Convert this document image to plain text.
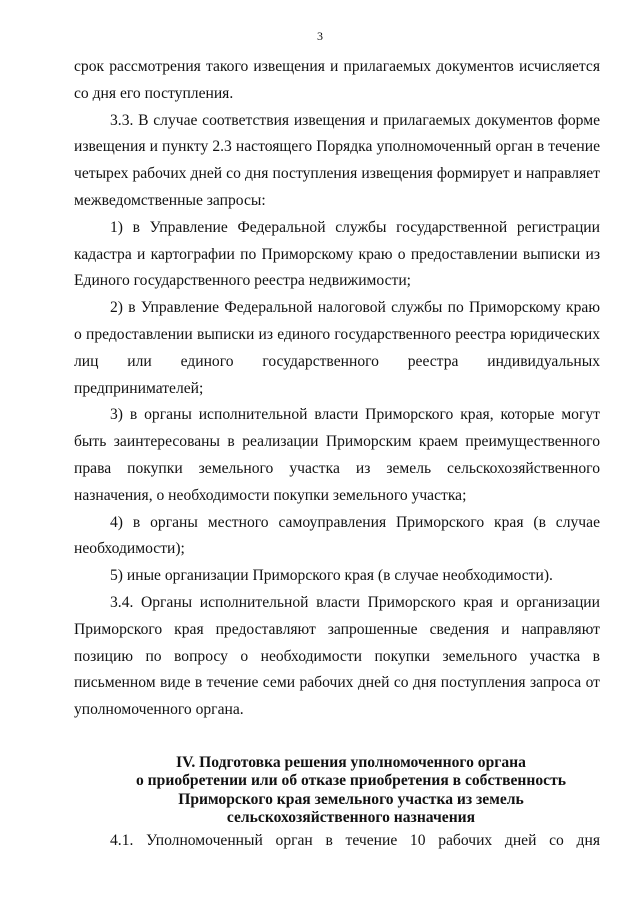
3

срок рассмотрения такого извещения и прилагаемых документов исчисляется со дня его поступления.

3.3. В случае соответствия извещения и прилагаемых документов форме извещения и пункту 2.3 настоящего Порядка уполномоченный орган в течение четырех рабочих дней со дня поступления извещения формирует и направляет межведомственные запросы:

1) в Управление Федеральной службы государственной регистрации кадастра и картографии по Приморскому краю о предоставлении выписки из Единого государственного реестра недвижимости;

2) в Управление Федеральной налоговой службы по Приморскому краю о предоставлении выписки из единого государственного реестра юридических лиц или единого государственного реестра индивидуальных предпринимателей;

3) в органы исполнительной власти Приморского края, которые могут быть заинтересованы в реализации Приморским краем преимущественного права покупки земельного участка из земель сельскохозяйственного назначения, о необходимости покупки земельного участка;

4) в органы местного самоуправления Приморского края (в случае необходимости);

5) иные организации Приморского края (в случае необходимости).

3.4. Органы исполнительной власти Приморского края и организации Приморского края предоставляют запрошенные сведения и направляют позицию по вопросу о необходимости покупки земельного участка в письменном виде в течение семи рабочих дней со дня поступления запроса от уполномоченного органа.

IV. Подготовка решения уполномоченного органа
о приобретении или об отказе приобретения в собственность
Приморского края земельного участка из земель
сельскохозяйственного назначения

4.1. Уполномоченный орган в течение 10 рабочих дней со дня
